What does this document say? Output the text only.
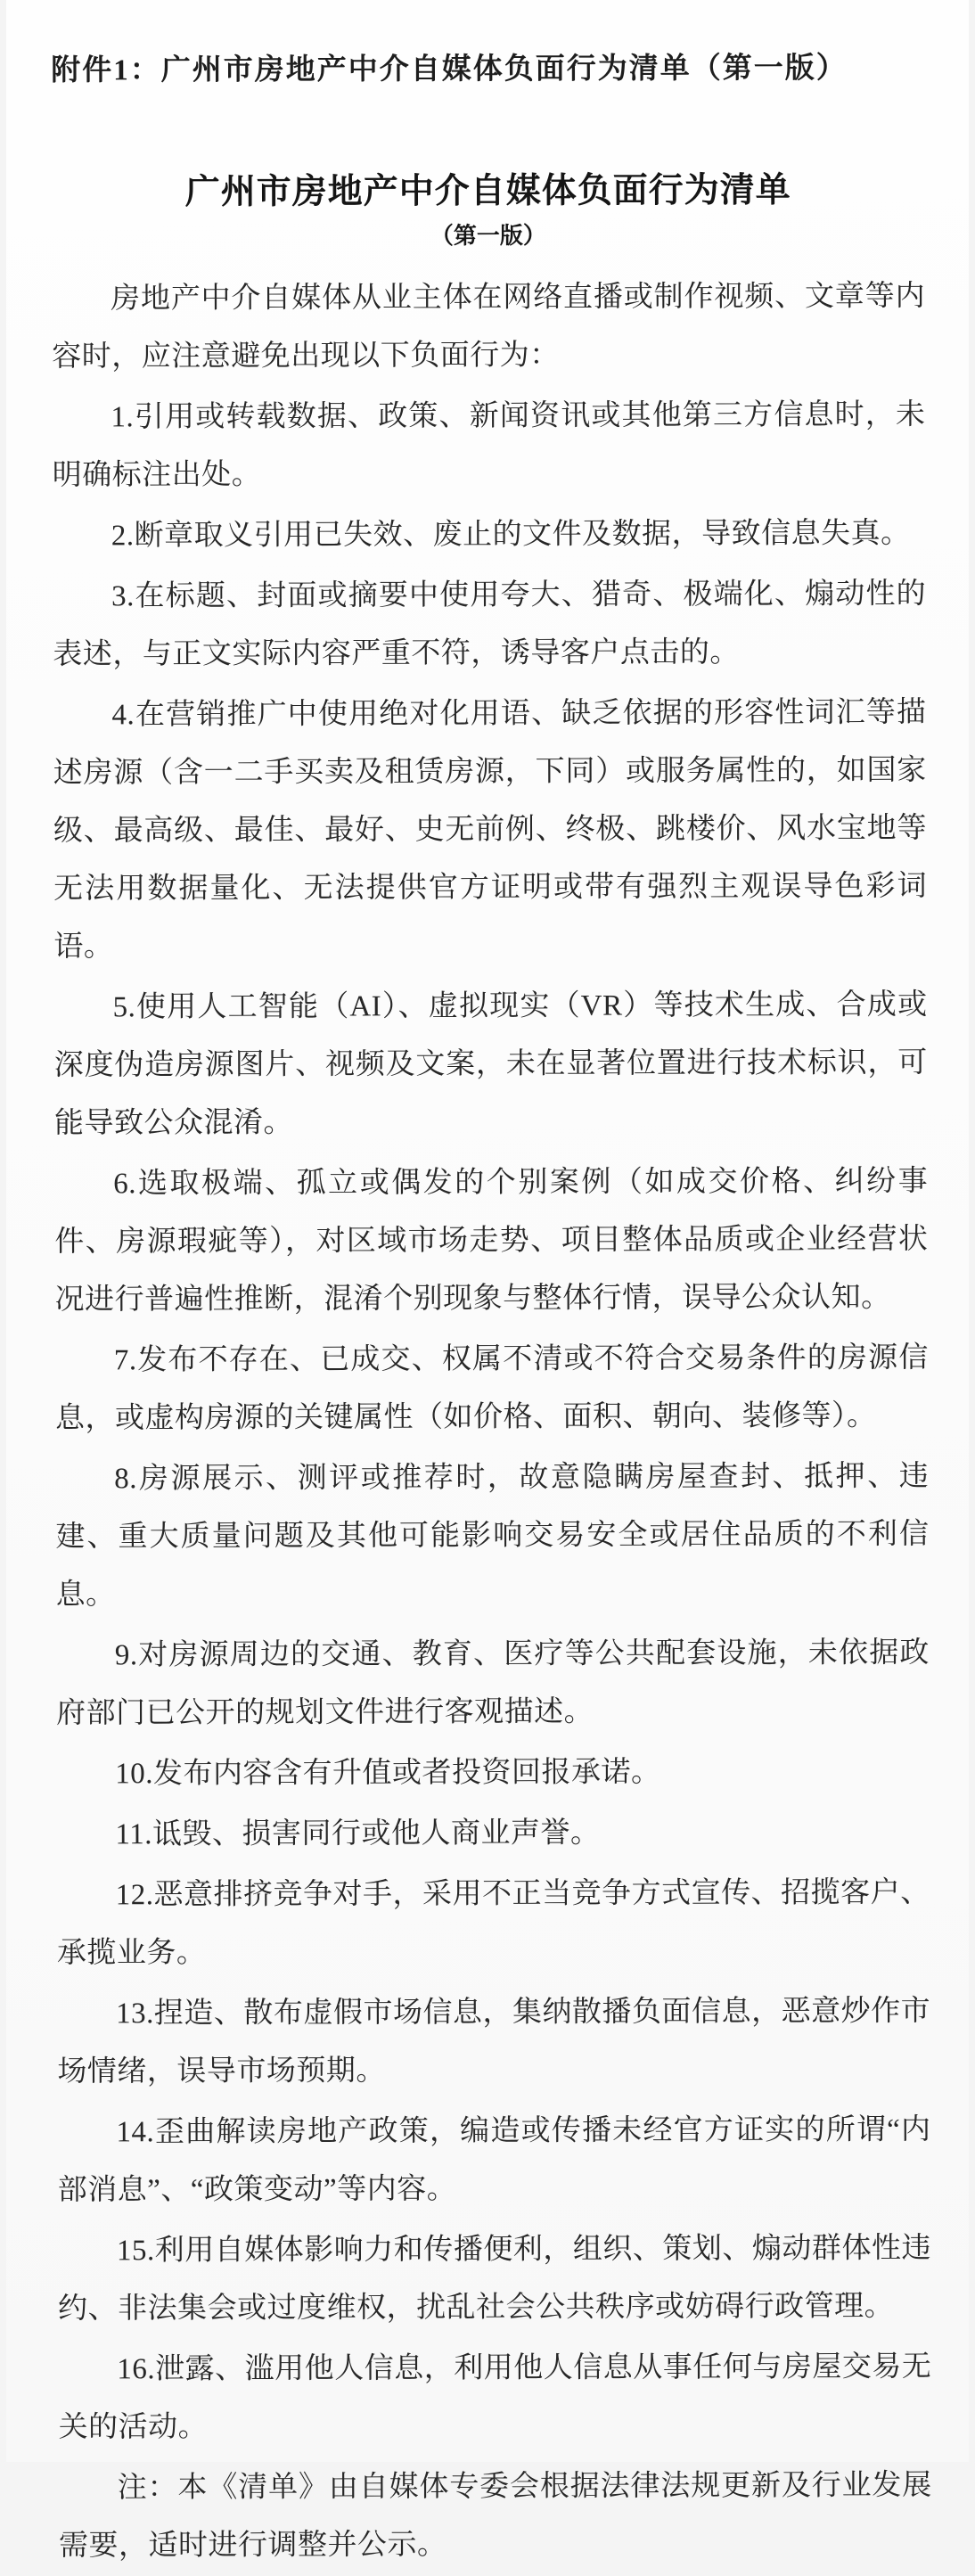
附件1：广州市房地产中介自媒体负面行为清单（第一版）
广州市房地产中介自媒体负面行为清单
（第一版）

房地产中介自媒体从业主体在网络直播或制作视频、文章等内容时，应注意避免出现以下负面行为：

1.引用或转载数据、政策、新闻资讯或其他第三方信息时，未明确标注出处。

2.断章取义引用已失效、废止的文件及数据，导致信息失真。

3.在标题、封面或摘要中使用夸大、猎奇、极端化、煽动性的表述，与正文实际内容严重不符，诱导客户点击的。

4.在营销推广中使用绝对化用语、缺乏依据的形容性词汇等描述房源（含一二手买卖及租赁房源，下同）或服务属性的，如国家级、最高级、最佳、最好、史无前例、终极、跳楼价、风水宝地等无法用数据量化、无法提供官方证明或带有强烈主观误导色彩词语。

5.使用人工智能（AI）、虚拟现实（VR）等技术生成、合成或深度伪造房源图片、视频及文案，未在显著位置进行技术标识，可能导致公众混淆。

6.选取极端、孤立或偶发的个别案例（如成交价格、纠纷事件、房源瑕疵等），对区域市场走势、项目整体品质或企业经营状况进行普遍性推断，混淆个别现象与整体行情，误导公众认知。

7.发布不存在、已成交、权属不清或不符合交易条件的房源信息，或虚构房源的关键属性（如价格、面积、朝向、装修等）。

8.房源展示、测评或推荐时，故意隐瞒房屋查封、抵押、违建、重大质量问题及其他可能影响交易安全或居住品质的不利信息。

9.对房源周边的交通、教育、医疗等公共配套设施，未依据政府部门已公开的规划文件进行客观描述。

10.发布内容含有升值或者投资回报承诺。

11.诋毁、损害同行或他人商业声誉。

12.恶意排挤竞争对手，采用不正当竞争方式宣传、招揽客户、承揽业务。

13.捏造、散布虚假市场信息，集纳散播负面信息，恶意炒作市场情绪，误导市场预期。

14.歪曲解读房地产政策，编造或传播未经官方证实的所谓“内部消息”、“政策变动”等内容。

15.利用自媒体影响力和传播便利，组织、策划、煽动群体性违约、非法集会或过度维权，扰乱社会公共秩序或妨碍行政管理。

16.泄露、滥用他人信息，利用他人信息从事任何与房屋交易无关的活动。

注：本《清单》由自媒体专委会根据法律法规更新及行业发展需要，适时进行调整并公示。
